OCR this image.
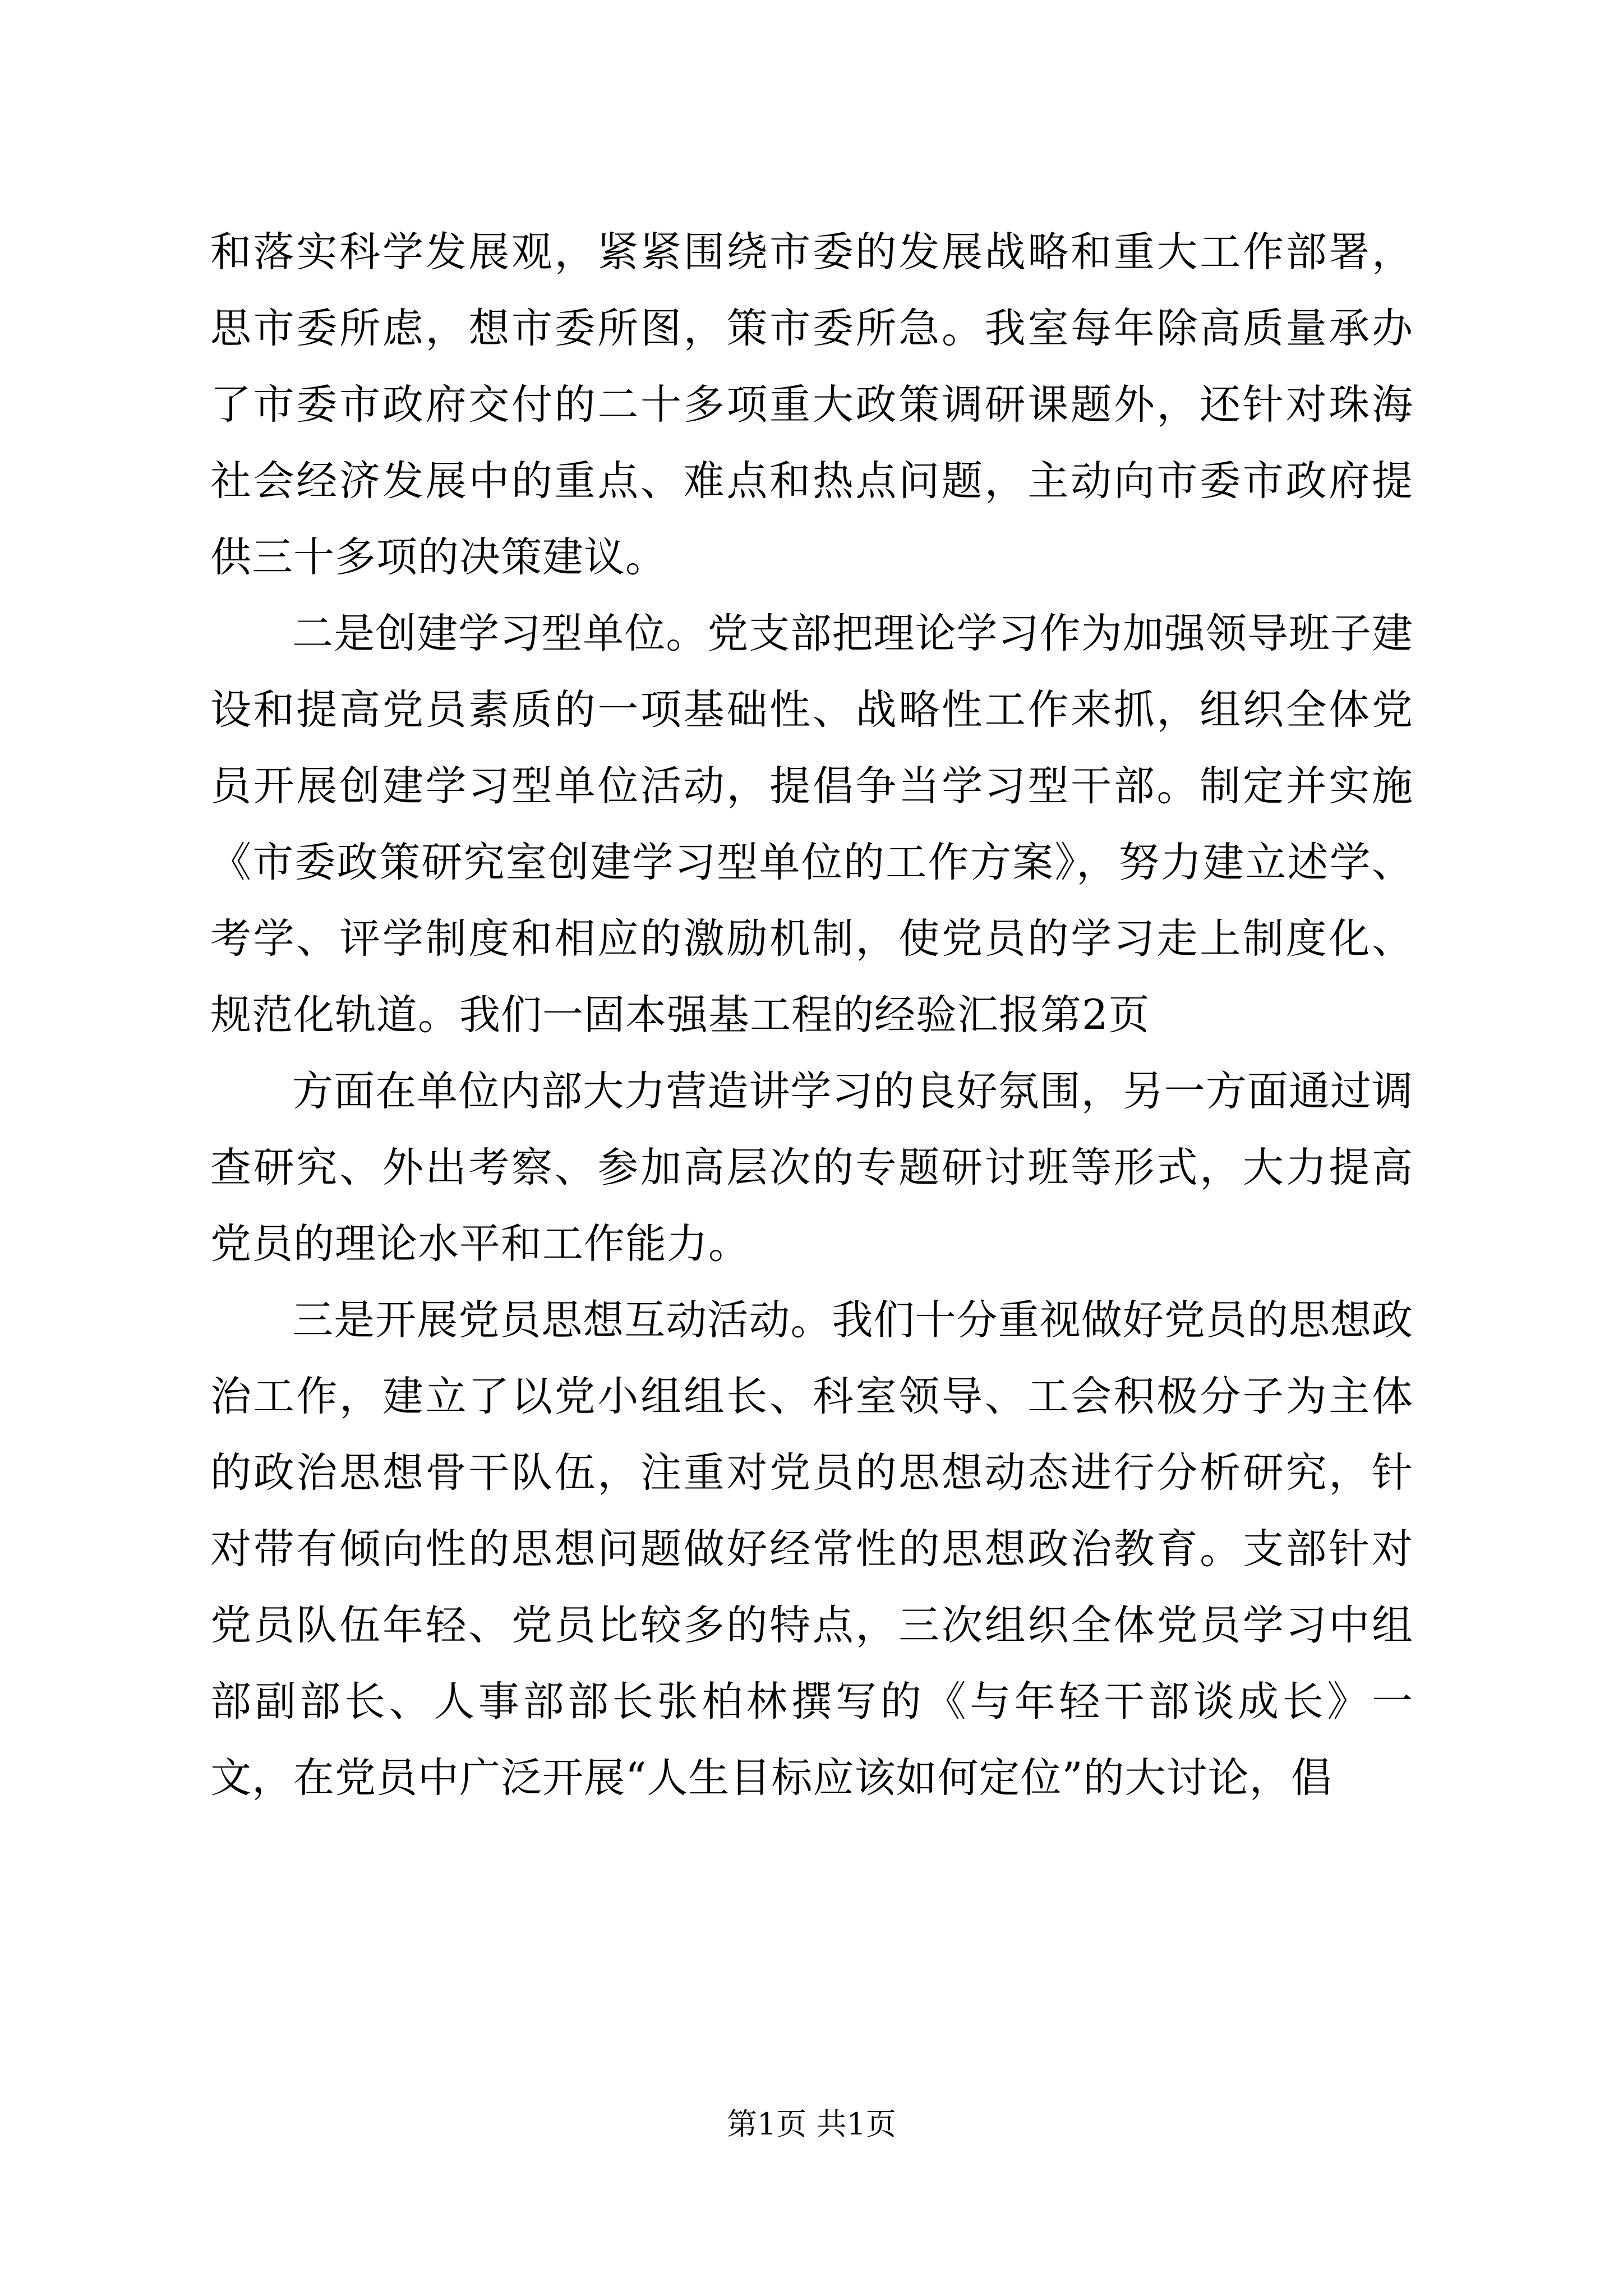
和落实科学发展观，紧紧围绕市委的发展战略和重大工作部署，思市委所虑，想市委所图，策市委所急。我室每年除高质量承办了市委市政府交付的二十多项重大政策调研课题外，还针对珠海社会经济发展中的重点、难点和热点问题，主动向市委市政府提供三十多项的决策建议。

二是创建学习型单位。党支部把理论学习作为加强领导班子建设和提高党员素质的一项基础性、战略性工作来抓，组织全体党员开展创建学习型单位活动，提倡争当学习型干部。制定并实施《市委政策研究室创建学习型单位的工作方案》，努力建立述学、考学、评学制度和相应的激励机制，使党员的学习走上制度化、规范化轨道。我们一固本强基工程的经验汇报第2页

方面在单位内部大力营造讲学习的良好氛围，另一方面通过调查研究、外出考察、参加高层次的专题研讨班等形式，大力提高党员的理论水平和工作能力。

三是开展党员思想互动活动。我们十分重视做好党员的思想政治工作，建立了以党小组组长、科室领导、工会积极分子为主体的政治思想骨干队伍，注重对党员的思想动态进行分析研究，针对带有倾向性的思想问题做好经常性的思想政治教育。支部针对党员队伍年轻、党员比较多的特点，三次组织全体党员学习中组部副部长、人事部部长张柏林撰写的《与年轻干部谈成长》一文，在党员中广泛开展“人生目标应该如何定位”的大讨论，倡

第1页 共1页
